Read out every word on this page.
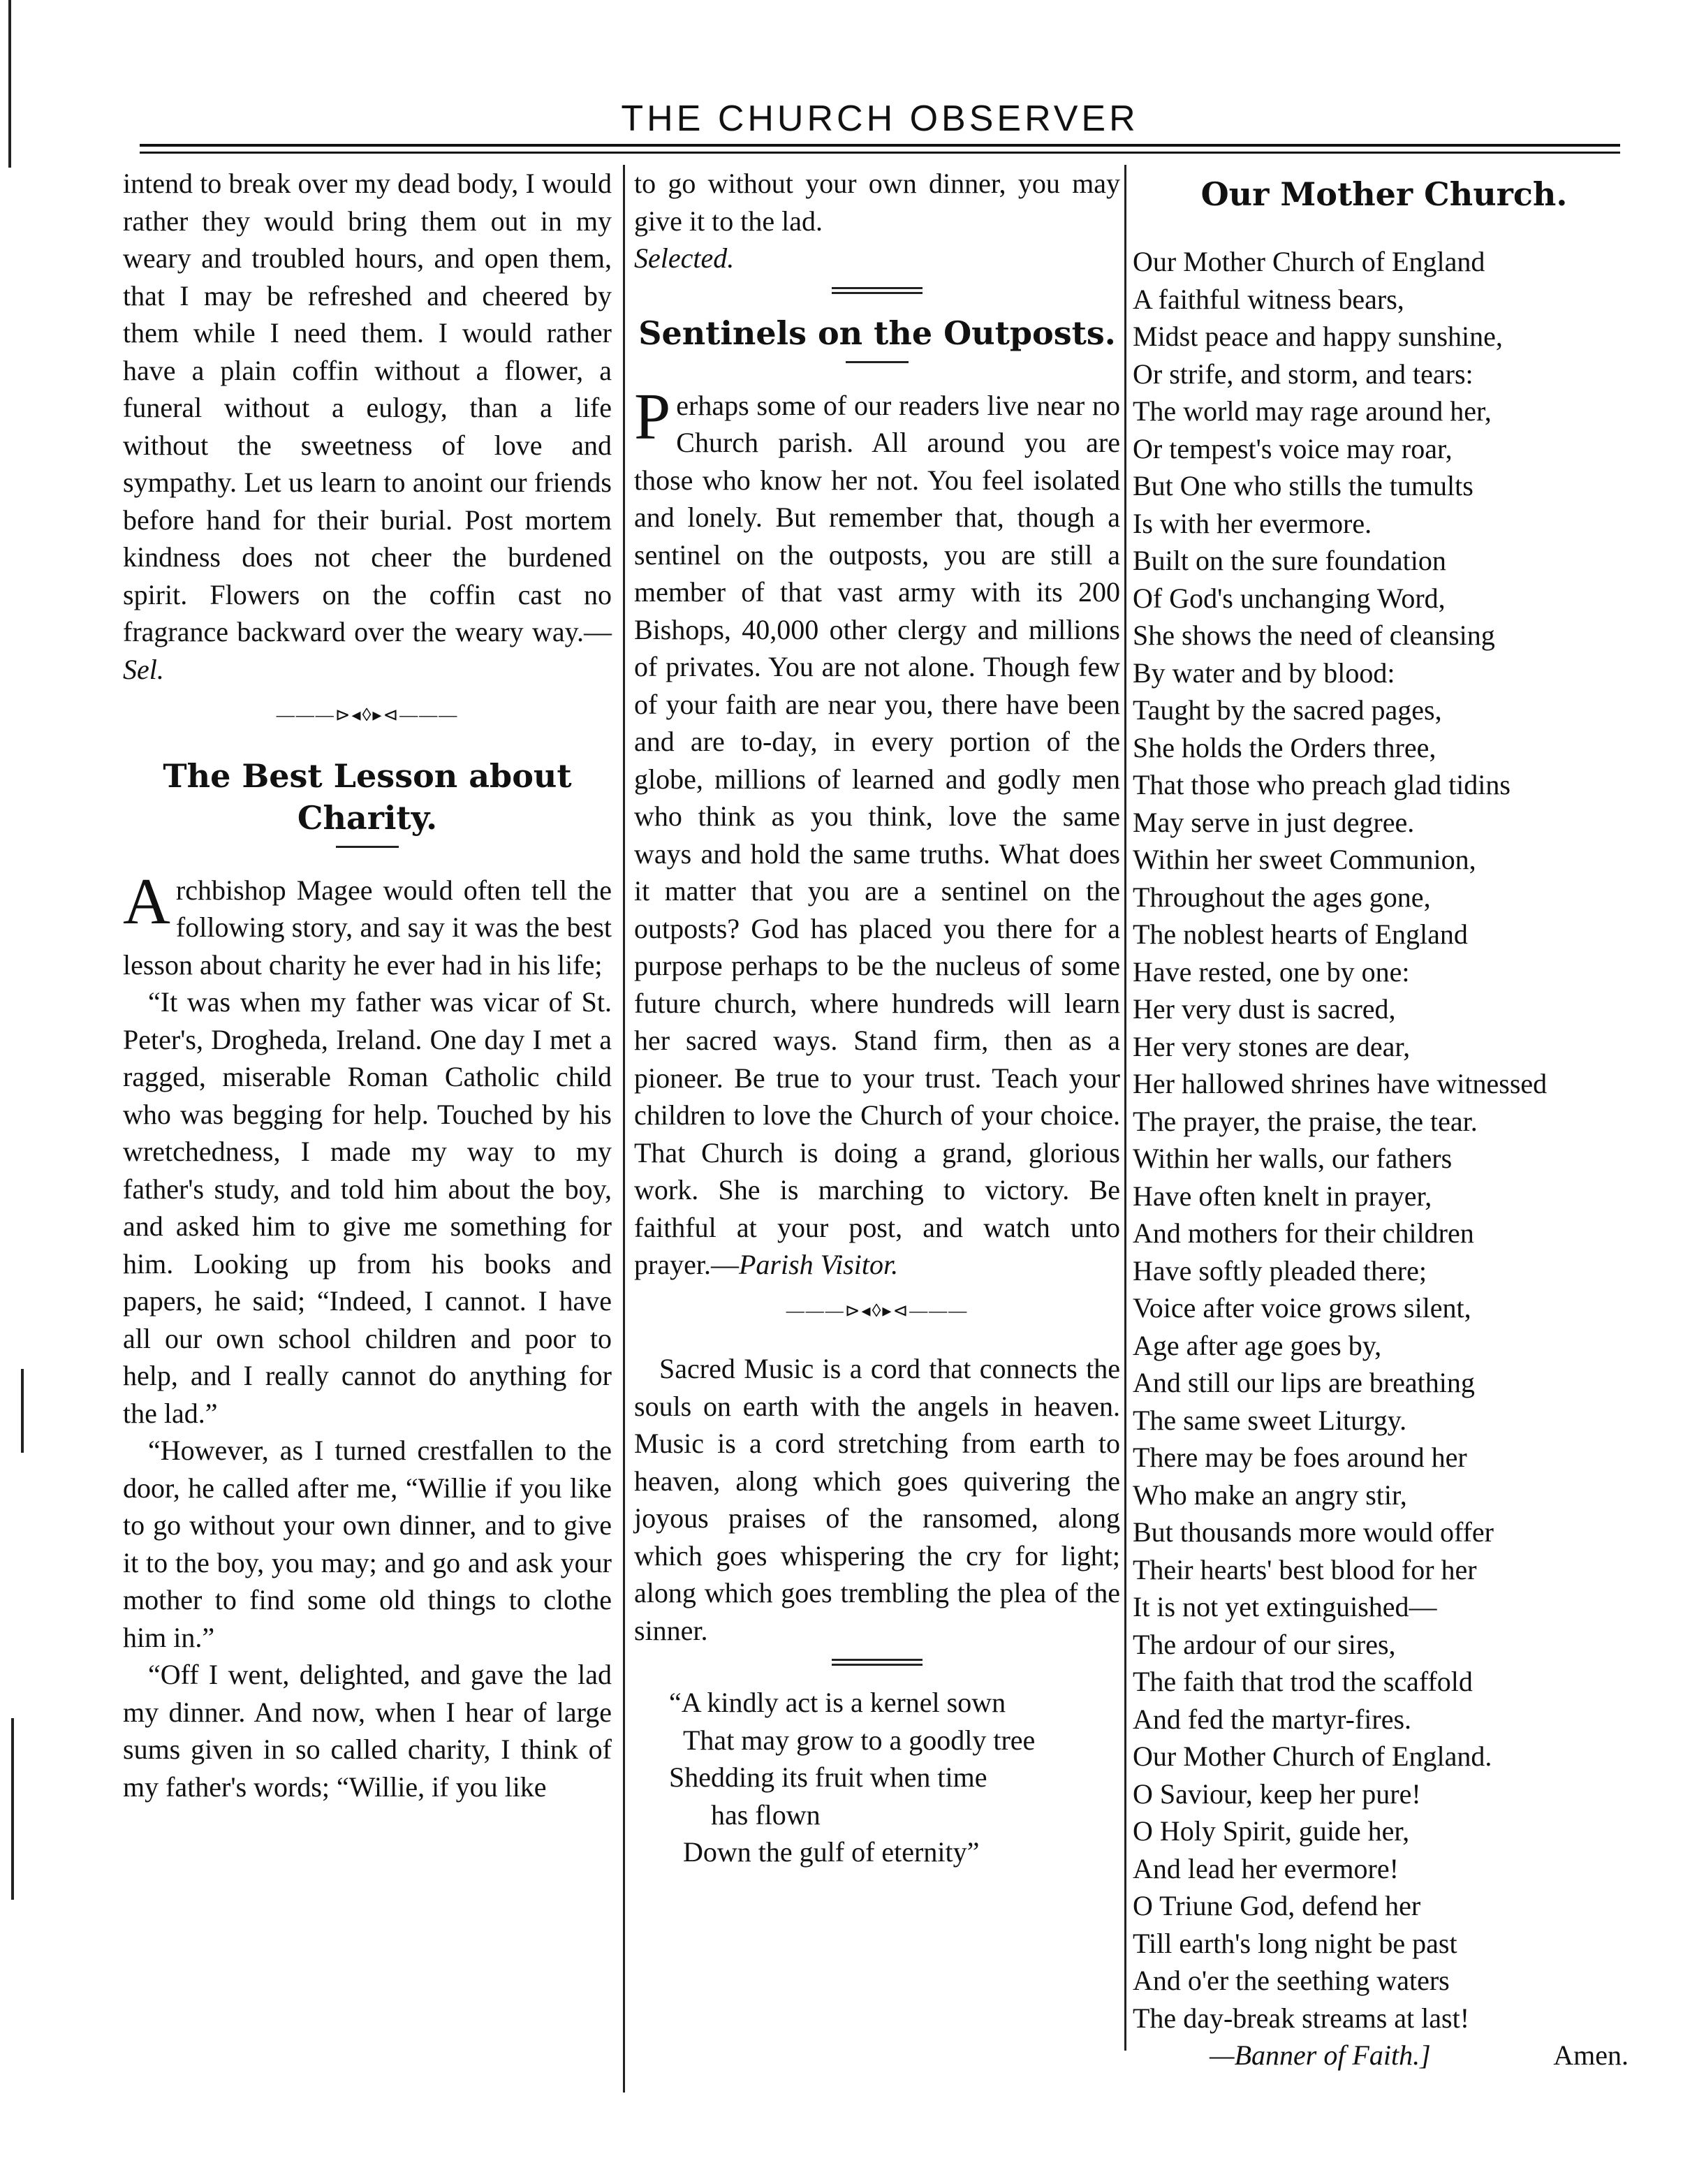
THE CHURCH OBSERVER

intend to break over my dead body, I would rather they would bring them out in my weary and troubled hours, and open them, that I may be refreshed and cheered by them while I need them. I would rather have a plain coffin without a flower, a funeral without a eulogy, than a life without the sweetness of love and sympathy. Let us learn to anoint our friends before hand for their burial. Post mortem kindness does not cheer the burdened spirit. Flowers on the coffin cast no fragrance backward over the weary way.—Sel.

———⊳◂◊▸⊲———
The Best Lesson about Charity.

Archbishop Magee would often tell the following story, and say it was the best lesson about charity he ever had in his life;

“It was when my father was vicar of St. Peter's, Drogheda, Ireland. One day I met a ragged, miserable Roman Catholic child who was begging for help. Touched by his wretchedness, I made my way to my father's study, and told him about the boy, and asked him to give me something for him. Looking up from his books and papers, he said; “Indeed, I cannot. I have all our own school children and poor to help, and I really cannot do anything for the lad.”

“However, as I turned crestfallen to the door, he called after me, “Willie if you like to go without your own dinner, and to give it to the boy, you may; and go and ask your mother to find some old things to clothe him in.”

“Off I went, delighted, and gave the lad my dinner. And now, when I hear of large sums given in so called charity, I think of my father's words; “Willie, if you like

to go without your own dinner, you may give it to the lad.

Selected.

Sentinels on the Outposts.

Perhaps some of our readers live near no Church parish. All around you are those who know her not. You feel isolated and lonely. But remember that, though a sentinel on the outposts, you are still a member of that vast army with its 200 Bishops, 40,000 other clergy and millions of privates. You are not alone. Though few of your faith are near you, there have been and are to-day, in every portion of the globe, millions of learned and godly men who think as you think, love the same ways and hold the same truths. What does it matter that you are a sentinel on the outposts? God has placed you there for a purpose perhaps to be the nucleus of some future church, where hundreds will learn her sacred ways. Stand firm, then as a pioneer. Be true to your trust. Teach your children to love the Church of your choice. That Church is doing a grand, glorious work. She is marching to victory. Be faithful at your post, and watch unto prayer.—Parish Visitor.

———⊳◂◊▸⊲———

Sacred Music is a cord that connects the souls on earth with the angels in heaven. Music is a cord stretching from earth to heaven, along which goes quivering the joyous praises of the ransomed, along which goes whispering the cry for light; along which goes trembling the plea of the sinner.

“A kindly act is a kernel sown

That may grow to a goodly tree

Shedding its fruit when time

has flown

Down the gulf of eternity”

Our Mother Church.

Our Mother Church of England

A faithful witness bears,

Midst peace and happy sunshine,

Or strife, and storm, and tears:

The world may rage around her,

Or tempest's voice may roar,

But One who stills the tumults

Is with her evermore.

Built on the sure foundation

Of God's unchanging Word,

She shows the need of cleansing

By water and by blood:

Taught by the sacred pages,

She holds the Orders three,

That those who preach glad tidins

May serve in just degree.

Within her sweet Communion,

Throughout the ages gone,

The noblest hearts of England

Have rested, one by one:

Her very dust is sacred,

Her very stones are dear,

Her hallowed shrines have witnessed

The prayer, the praise, the tear.

Within her walls, our fathers

Have often knelt in prayer,

And mothers for their children

Have softly pleaded there;

Voice after voice grows silent,

Age after age goes by,

And still our lips are breathing

The same sweet Liturgy.

There may be foes around her

Who make an angry stir,

But thousands more would offer

Their hearts' best blood for her

It is not yet extinguished—

The ardour of our sires,

The faith that trod the scaffold

And fed the martyr-fires.

Our Mother Church of England.

O Saviour, keep her pure!

O Holy Spirit, guide her,

And lead her evermore!

O Triune God, defend her

Till earth's long night be past

And o'er the seething waters

The day-break streams at last!

—Banner of Faith.]	Amen.
